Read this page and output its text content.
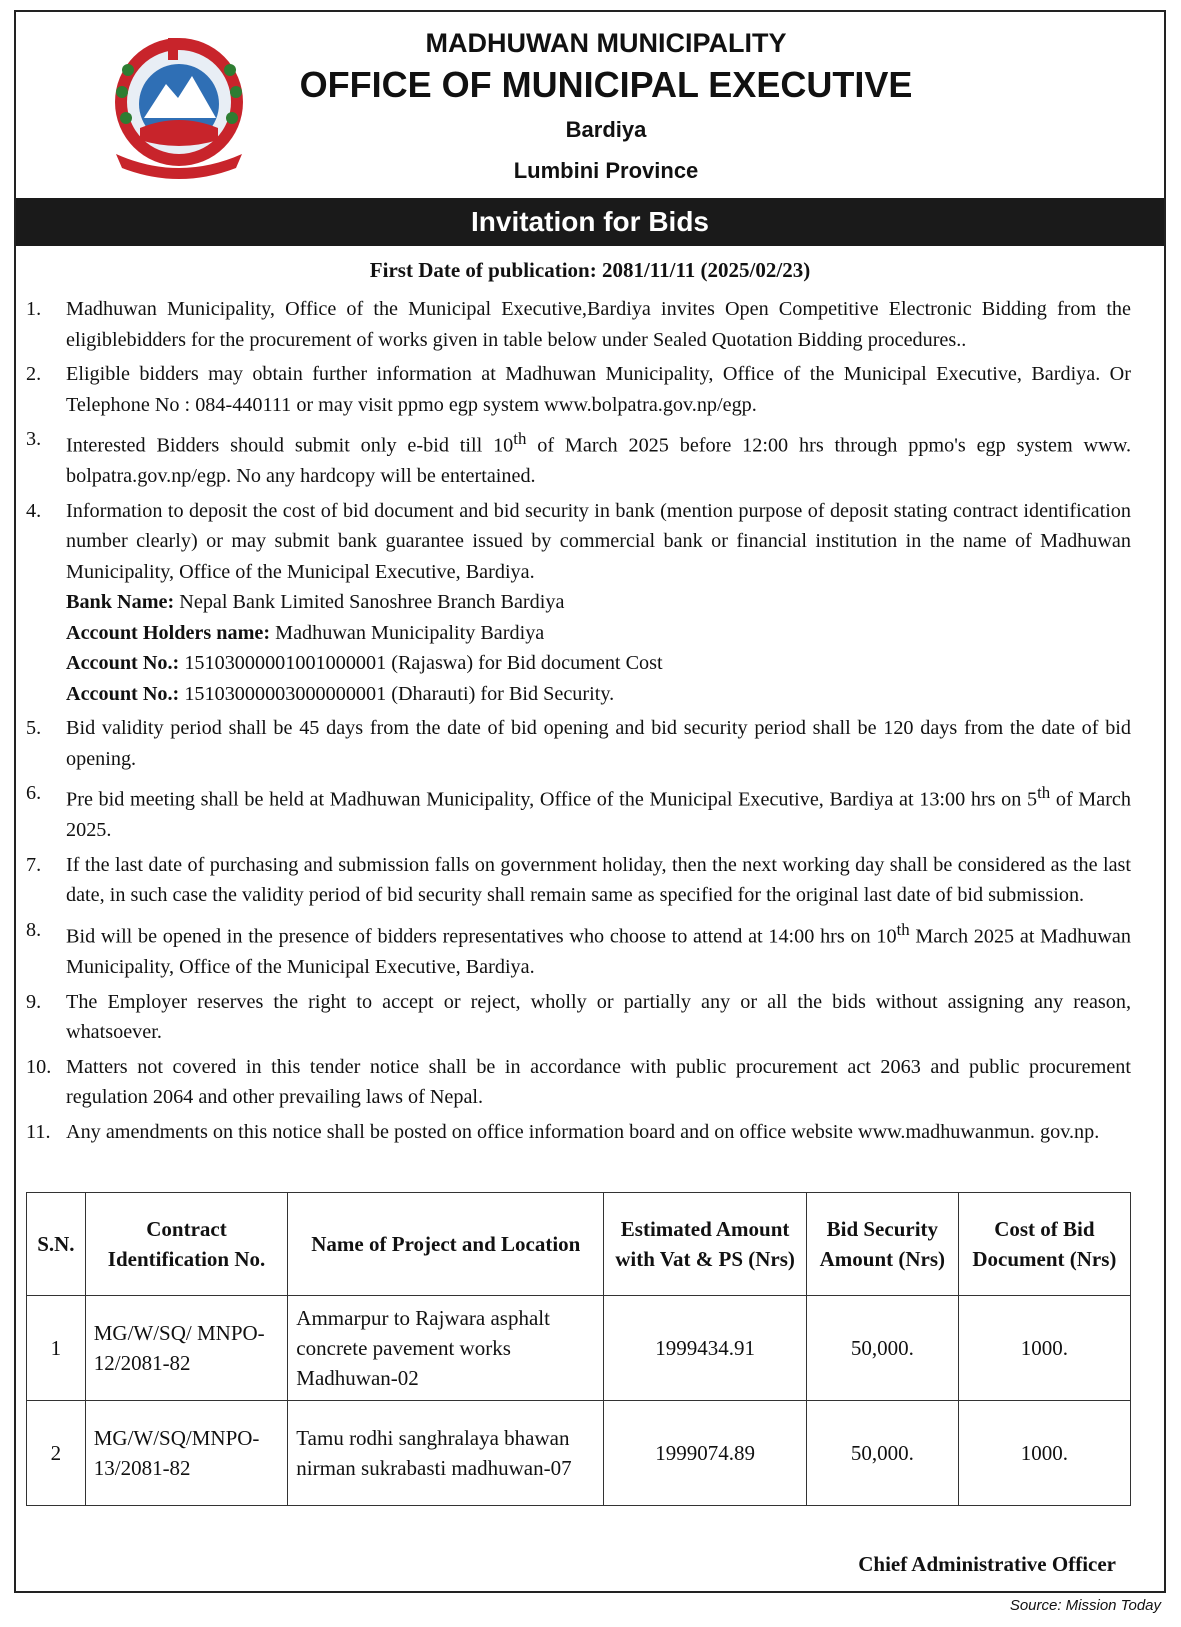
MADHUWAN MUNICIPALITY
OFFICE OF MUNICIPAL EXECUTIVE
Bardiya
Lumbini Province
Invitation for Bids
First Date of publication: 2081/11/11 (2025/02/23)
1.	Madhuwan Municipality, Office of the Municipal Executive,Bardiya invites Open Competitive Electronic Bidding from the eligiblebidders for the procurement of works given in table below under Sealed Quotation Bidding procedures..
2.	Eligible bidders may obtain further information at Madhuwan Municipality, Office of the Municipal Executive, Bardiya. Or Telephone No : 084-440111 or may visit ppmo egp system www.bolpatra.gov.np/egp.
3.	Interested Bidders should submit only e-bid till 10th of March 2025 before 12:00 hrs through ppmo's egp system www. bolpatra.gov.np/egp. No any hardcopy will be entertained.
4.	Information to deposit the cost of bid document and bid security in bank (mention purpose of deposit stating contract identification number clearly) or may submit bank guarantee issued by commercial bank or financial institution in the name of Madhuwan Municipality, Office of the Municipal Executive, Bardiya.
Bank Name: Nepal Bank Limited Sanoshree Branch Bardiya
Account Holders name: Madhuwan Municipality Bardiya
Account No.: 15103000001001000001 (Rajaswa) for Bid document Cost
Account No.: 15103000003000000001 (Dharauti) for Bid Security.
5.	Bid validity period shall be 45 days from the date of bid opening and bid security period shall be 120 days from the date of bid opening.
6.	Pre bid meeting shall be held at Madhuwan Municipality, Office of the Municipal Executive, Bardiya at 13:00 hrs on 5th of March 2025.
7.	If the last date of purchasing and submission falls on government holiday, then the next working day shall be considered as the last date, in such case the validity period of bid security shall remain same as specified for the original last date of bid submission.
8.	Bid will be opened in the presence of bidders representatives who choose to attend at 14:00 hrs on 10th March 2025 at Madhuwan Municipality, Office of the Municipal Executive, Bardiya.
9.	The Employer reserves the right to accept or reject, wholly or partially any or all the bids without assigning any reason, whatsoever.
10. Matters not covered in this tender notice shall be in accordance with public procurement act 2063 and public procurement regulation 2064 and other prevailing laws of Nepal.
11. Any amendments on this notice shall be posted on office information board and on office website www.madhuwanmun. gov.np.
S.N.	Contract Identification No.	Name of Project and Location	Estimated Amount with Vat & PS (Nrs)	Bid Security Amount (Nrs)	Cost of Bid Document (Nrs)
1	MG/W/SQ/ MNPO-12/2081-82	Ammarpur to Rajwara asphalt concrete pavement works Madhuwan-02	1999434.91	50,000.	1000.
2	MG/W/SQ/MNPO-13/2081-82	Tamu rodhi sanghralaya bhawan nirman sukrabasti madhuwan-07	1999074.89	50,000.	1000.
Chief Administrative Officer
Source: Mission Today
